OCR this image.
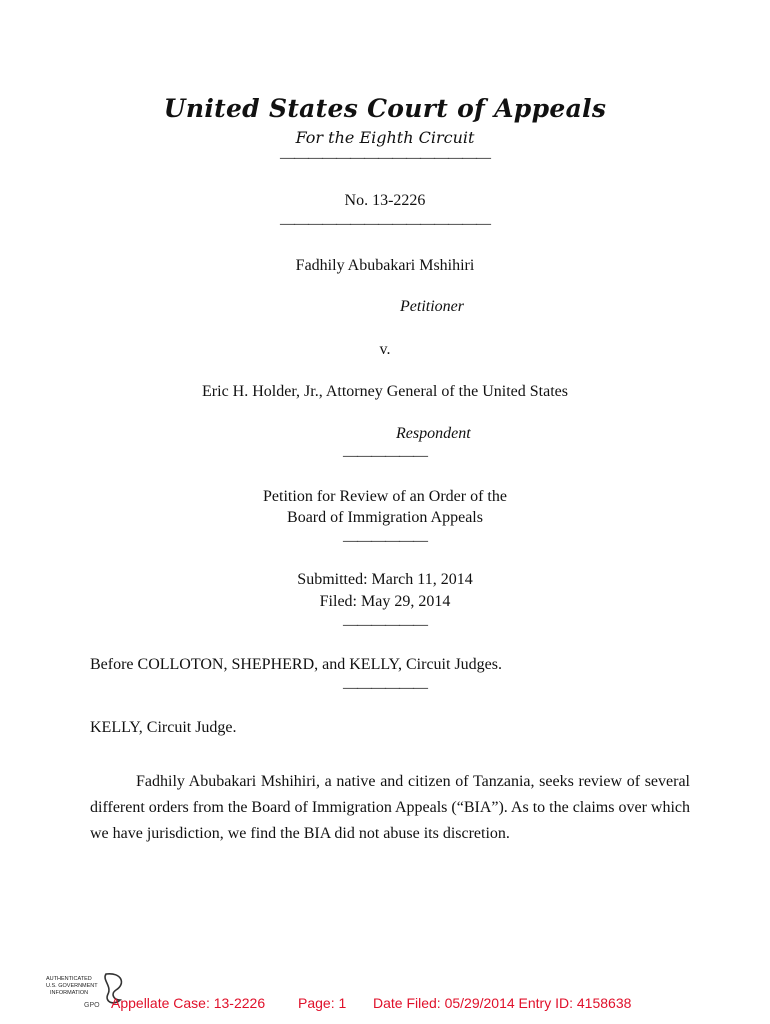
United States Court of Appeals
For the Eighth Circuit
———————————————
No. 13-2226
———————————————
Fadhily Abubakari Mshihiri
Petitioner
v.
Eric H. Holder, Jr., Attorney General of the United States
Respondent
——————
Petition for Review of an Order of the
Board of Immigration Appeals
——————
Submitted: March 11, 2014
Filed: May 29, 2014
——————
Before COLLOTON, SHEPHERD, and KELLY, Circuit Judges.
——————
KELLY, Circuit Judge.
Fadhily Abubakari Mshihiri, a native and citizen of Tanzania, seeks review of several different orders from the Board of Immigration Appeals (“BIA”). As to the claims over which we have jurisdiction, we find the BIA did not abuse its discretion.
AUTHENTICATED
U.S. GOVERNMENT
INFORMATION
GPO Appellate Case: 13-2226 Page: 1 Date Filed: 05/29/2014 Entry ID: 4158638
